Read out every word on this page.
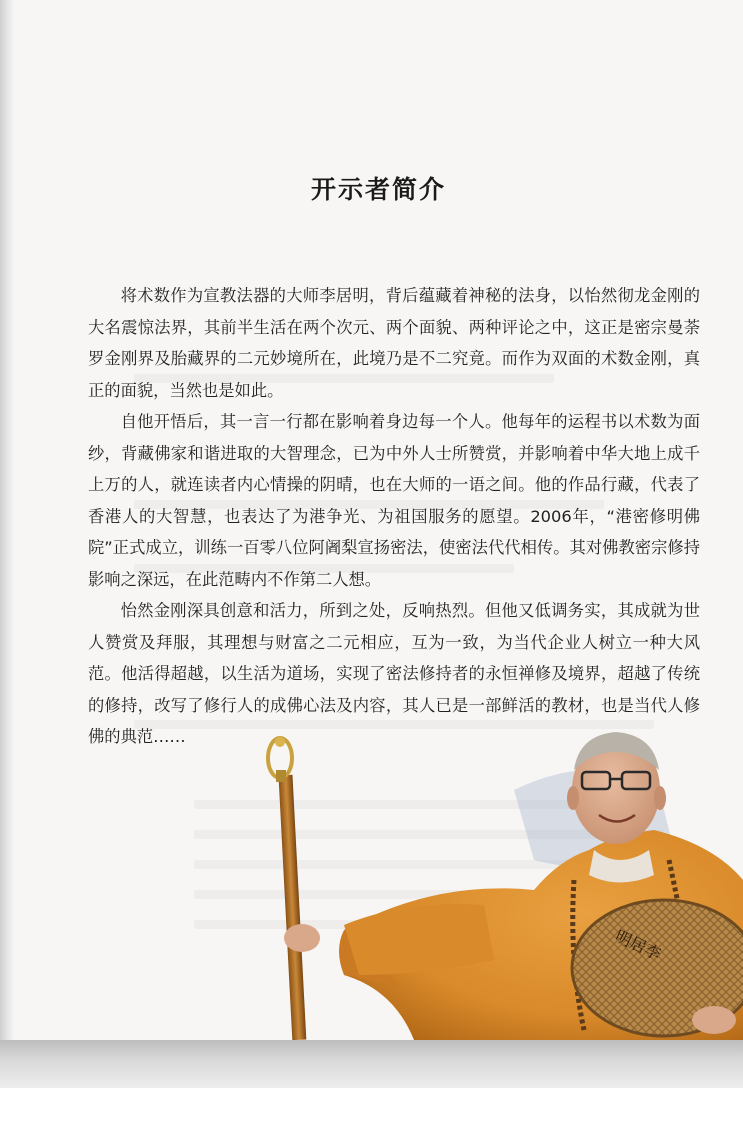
开示者简介

将术数作为宣教法器的大师李居明，背后蕴藏着神秘的法身，以怡然彻龙金刚的大名震惊法界，其前半生活在两个次元、两个面貌、两种评论之中，这正是密宗曼荼罗金刚界及胎藏界的二元妙境所在，此境乃是不二究竟。而作为双面的术数金刚，真正的面貌，当然也是如此。

自他开悟后，其一言一行都在影响着身边每一个人。他每年的运程书以术数为面纱，背藏佛家和谐进取的大智理念，已为中外人士所赞赏，并影响着中华大地上成千上万的人，就连读者内心情操的阴晴，也在大师的一语之间。他的作品行藏，代表了香港人的大智慧，也表达了为港争光、为祖国服务的愿望。2006年，“港密修明佛院”正式成立，训练一百零八位阿阇梨宣扬密法，使密法代代相传。其对佛教密宗修持影响之深远，在此范畴内不作第二人想。

怡然金刚深具创意和活力，所到之处，反响热烈。但他又低调务实，其成就为世人赞赏及拜服，其理想与财富之二元相应，互为一致，为当代企业人树立一种大风范。他活得超越，以生活为道场，实现了密法修持者的永恒禅修及境界，超越了传统的修持，改写了修行人的成佛心法及内容，其人已是一部鲜活的教材，也是当代人修佛的典范……

明居李
